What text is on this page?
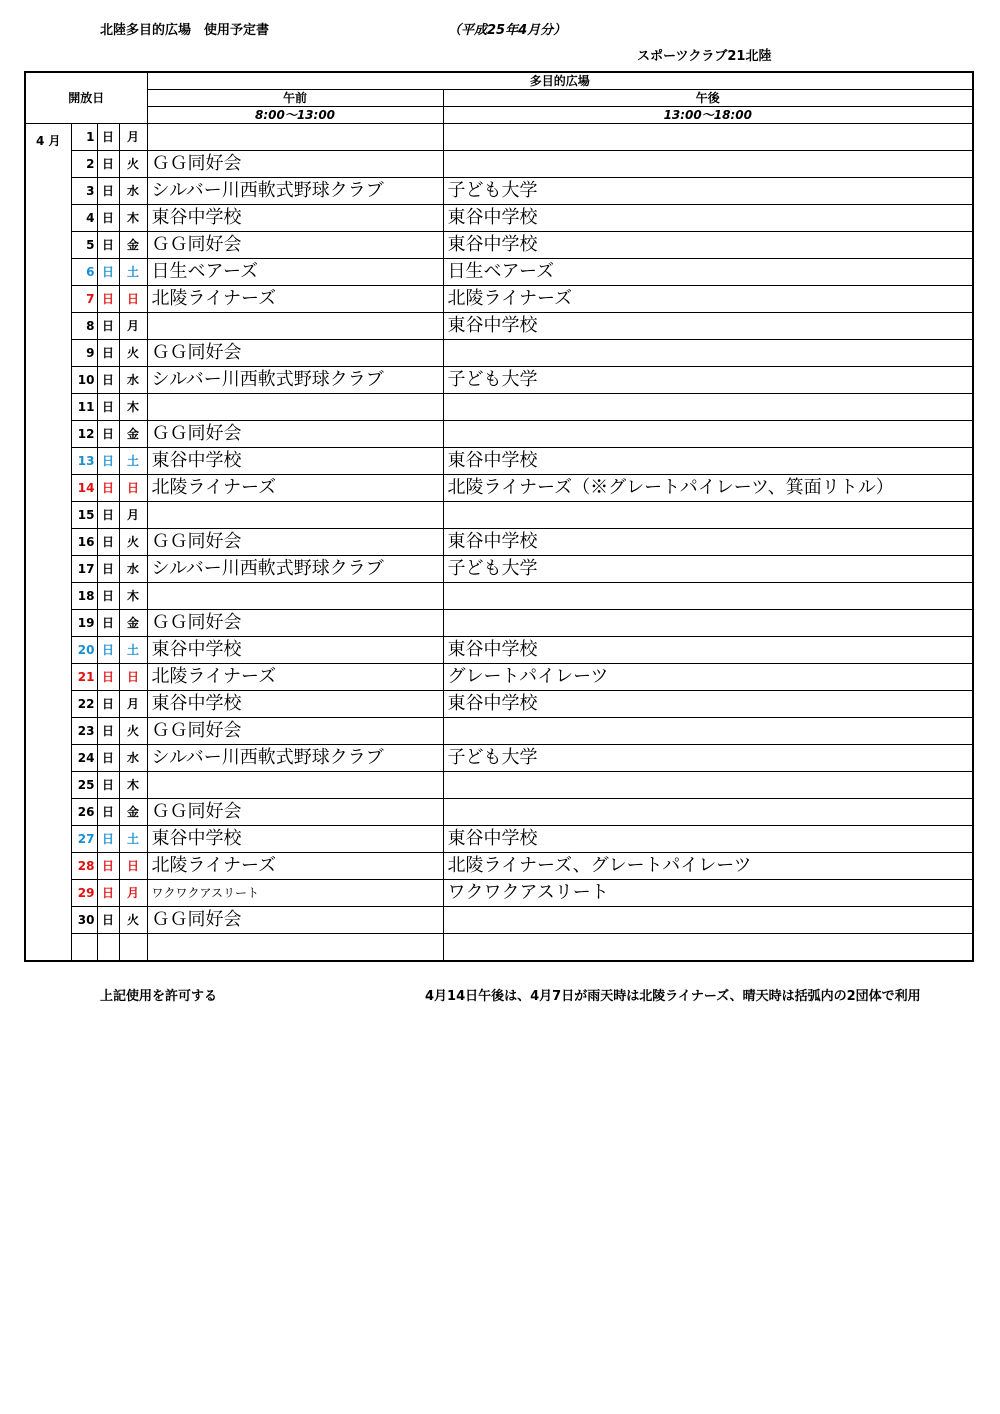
北陸多目的広場　使用予定書	（平成25年4月分）
スポーツクラブ21北陸
開放日				多目的広場	
				午前	午後
				8:00～13:00	13:00～18:00
4 月	1	日	月		
	2	日	火	ＧＧ同好会	
	3	日	水	シルバー川西軟式野球クラブ	子ども大学
	4	日	木	東谷中学校	東谷中学校
	5	日	金	ＧＧ同好会	東谷中学校
	6	日	土	日生ベアーズ	日生ベアーズ
	7	日	日	北陵ライナーズ	北陵ライナーズ
	8	日	月		東谷中学校
	9	日	火	ＧＧ同好会	
	10	日	水	シルバー川西軟式野球クラブ	子ども大学
	11	日	木		
	12	日	金	ＧＧ同好会	
	13	日	土	東谷中学校	東谷中学校
	14	日	日	北陵ライナーズ	北陵ライナーズ（※グレートパイレーツ、箕面リトル）
	15	日	月		
	16	日	火	ＧＧ同好会	東谷中学校
	17	日	水	シルバー川西軟式野球クラブ	子ども大学
	18	日	木		
	19	日	金	ＧＧ同好会	
	20	日	土	東谷中学校	東谷中学校
	21	日	日	北陵ライナーズ	グレートパイレーツ
	22	日	月	東谷中学校	東谷中学校
	23	日	火	ＧＧ同好会	
	24	日	水	シルバー川西軟式野球クラブ	子ども大学
	25	日	木		
	26	日	金	ＧＧ同好会	
	27	日	土	東谷中学校	東谷中学校
	28	日	日	北陵ライナーズ	北陵ライナーズ、グレートパイレーツ
	29	日	月	ワクワクアスリート	ワクワクアスリート
	30	日	火	ＧＧ同好会	

上記使用を許可する	4月14日午後は、4月7日が雨天時は北陵ライナーズ、晴天時は括弧内の2団体で利用
